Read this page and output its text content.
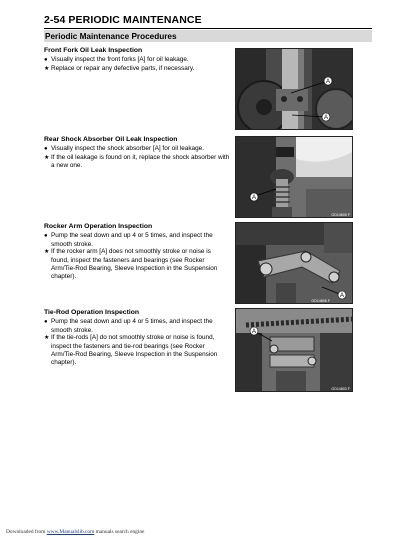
2-54 PERIODIC MAINTENANCE
Periodic Maintenance Procedures
Front Fork Oil Leak Inspection
● Visually inspect the front forks [A] for oil leakage.
★ Replace or repair any defective parts, if necessary.
A
A
Rear Shock Absorber Oil Leak Inspection
● Visually inspect the shock absorber [A] for oil leakage.
★ If the oil leakage is found on it, replace the shock absorber with a new one.
A
GD14605 F
Rocker Arm Operation Inspection
● Pump the seat down and up 4 or 5 times, and inspect the smooth stroke.
★ If the rocker arm [A] does not smoothly stroke or noise is found, inspect the fasteners and bearings (see Rocker Arm/Tie-Rod Bearing, Sleeve Inspection in the Suspension chapter).
A
GD14606 F
Tie-Rod Operation Inspection
● Pump the seat down and up 4 or 5 times, and inspect the smooth stroke.
★ If the tie-rods [A] do not smoothly stroke or noise is found, inspect the fasteners and tie-rod bearings (see Rocker Arm/Tie-Rod Bearing, Sleeve Inspection in the Suspension chapter).
A
GD14803 F
Downloaded from www.Manualslib.com manuals search engine
